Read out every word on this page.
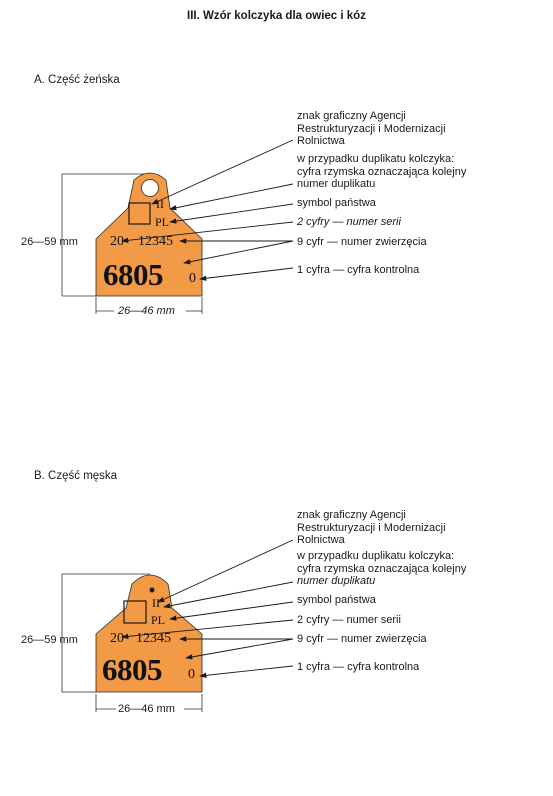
III. Wzór kolczyka dla owiec i kóz
A. Część żeńska
26—59 mm
26—46 mm
II
PL
20 12345
6805 0
znak graficzny Agencji
Restrukturyzacji i Modernizacji
Rolnictwa
w przypadku duplikatu kolczyka:
cyfra rzymska oznaczająca kolejny
numer duplikatu
symbol państwa
2 cyfry — numer serii
9 cyfr — numer zwierzęcia
1 cyfra — cyfra kontrolna
B. Część męska
26—59 mm
26—46 mm
II
PL
20 12345
6805 0
znak graficzny Agencji
Restrukturyzacji i Modernizacji
Rolnictwa
w przypadku duplikatu kolczyka:
cyfra rzymska oznaczająca kolejny
numer duplikatu
symbol państwa
2 cyfry — numer serii
9 cyfr — numer zwierzęcia
1 cyfra — cyfra kontrolna
